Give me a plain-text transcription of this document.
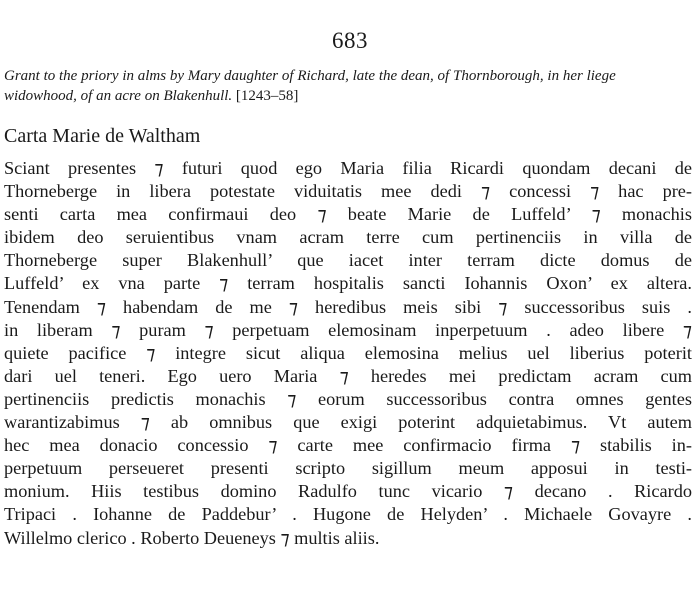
683
Grant to the priory in alms by Mary daughter of Richard, late the dean, of Thornborough, in her liege widowhood, of an acre on Blakenhull. [1243–58]
Carta Marie de Waltham
Sciant presentes ⁊ futuri quod ego Maria filia Ricardi quondam decani de
Thorneberge in libera potestate viduitatis mee dedi ⁊ concessi ⁊ hac pre-
senti carta mea confirmaui deo ⁊ beate Marie de Luffeld’ ⁊ monachis
ibidem deo seruientibus vnam acram terre cum pertinenciis in villa de
Thorneberge super Blakenhull’ que iacet inter terram dicte domus de
Luffeld’ ex vna parte ⁊ terram hospitalis sancti Iohannis Oxon’ ex altera.
Tenendam ⁊ habendam de me ⁊ heredibus meis sibi ⁊ successoribus suis .
in liberam ⁊ puram ⁊ perpetuam elemosinam inperpetuum . adeo libere ⁊
quiete pacifice ⁊ integre sicut aliqua elemosina melius uel liberius poterit
dari uel teneri. Ego uero Maria ⁊ heredes mei predictam acram cum
pertinenciis predictis monachis ⁊ eorum successoribus contra omnes gentes
warantizabimus ⁊ ab omnibus que exigi poterint adquietabimus. Vt autem
hec mea donacio concessio ⁊ carte mee confirmacio firma ⁊ stabilis in-
perpetuum perseueret presenti scripto sigillum meum apposui in testi-
monium. Hiis testibus domino Radulfo tunc vicario ⁊ decano . Ricardo
Tripaci . Iohanne de Paddebur’ . Hugone de Helyden’ . Michaele Govayre .
Willelmo clerico . Roberto Deueneys ⁊ multis aliis.
